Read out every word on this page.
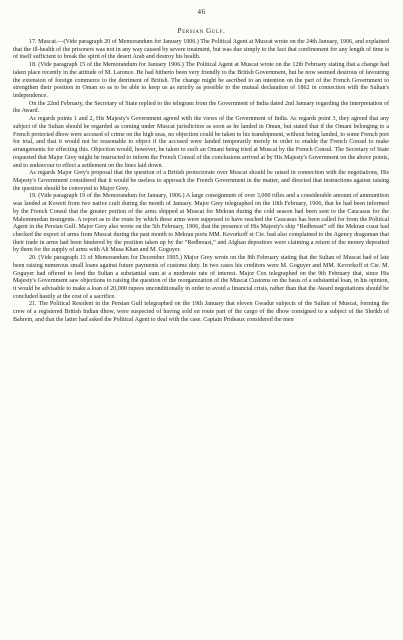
46
Persian Gulf.

17. Muscat.—(Vide paragraph 20 of Memorandum for January 1906.) The Political Agent at Muscat wrote on the 24th January, 1906, and explained that the ill-health of the prisoners was not in any way caused by severe treatment, but was due simply to the fact that confinement for any length of time is of itself sufficient to break the spirit of the desert Arab and destroy his health.

18. (Vide paragraph 15 of the Memorandum for January 1906.) The Political Agent at Muscat wrote on the 12th February stating that a change had taken place recently in the attitude of M. Laronce. He had hitherto been very friendly to the British Government, but he now seemed desirous of favouring the extension of foreign commerce to the detriment of British. The change might be ascribed to an intention on the part of the French Government to strengthen their position in Oman so as to be able to keep us as strictly as possible to the mutual declaration of 1862 in connection with the Sultan's independence.

On the 22nd February, the Secretary of State replied to the telegram from the Government of India dated 2nd January regarding the interpretation of the Award.

As regards points 1 and 2, His Majesty's Government agreed with the views of the Government of India. As regards point 3, they agreed that any subject of the Sultan should be regarded as coming under Muscat jurisdiction as soon as he landed in Oman, but stated that if the Omani belonging to a French protected dhow were accused of crime on the high seas, no objection could be taken to his transhipment, without being landed, to some French port for trial, and that it would not be reasonable to object if the accused were landed temporarily merely in order to enable the French Consul to make arrangements for effecting this. Objection would, however, be taken to such an Omani being tried at Muscat by the French Consul. The Secretary of State requested that Major Grey might be instructed to inform the French Consul of the conclusions arrived at by His Majesty's Government on the above points, and to endeavour to effect a settlement on the lines laid down.

As regards Major Grey's proposal that the question of a British protectorate over Muscat should be raised in connection with the negotiations, His Majesty's Government considered that it would be useless to approach the French Government in the matter, and directed that instructions against raising the question should be conveyed to Major Grey.

19. (Vide paragraph 19 of the Memorandum for January, 1906.) A large consignment of over 3,000 rifles and a considerable amount of ammunition was landed at Koweit from two native craft during the month of January. Major Grey telegraphed on the 10th February, 1906, that he had been informed by the French Consul that the greater portion of the arms shipped at Muscat for Mekran during the cold season had been sent to the Caucasus for the Mahommedan insurgents. A report as to the route by which these arms were supposed to have reached the Caucasus has been called for from the Political Agent in the Persian Gulf. Major Grey also wrote on the 5th February, 1906, that the presence of His Majesty's ship “Redbreast” off the Mekran coast had checked the export of arms from Muscat during the past month to Mekran ports MM. Kevorkoff et Cie. had also complained to the Agency dragoman that their trade in arms had been hindered by the position taken up by the “Redbreast,” and Afghan depositors were claiming a return of the money deposited by them for the supply of arms with Ali Musa Khan and M. Goguyer.

20. (Vide paragraph 13 of Memorandum for December 1905.) Major Grey wrote on the 8th February stating that the Sultan of Muscat had of late been raising numerous small loans against future payments of customs duty. In two cases his creditors were M. Goguyer and MM. Kevorkoff et Cie. M. Goguyer had offered to lend the Sultan a substantial sum at a moderate rate of interest. Major Cox telegraphed on the 9th February that, since His Majesty's Government saw objections to raising the question of the reorganization of the Muscat Customs on the basis of a substantial loan, in his opinion, it would be advisable to make a loan of 20,000 rupees unconditionally in order to avoid a financial crisis, rather than that the Award negotiations should be concluded hastily at the cost of a sacrifice.

21. The Political Resident in the Persian Gulf telegraphed on the 19th January that eleven Gwadur subjects of the Sultan of Muscat, forming the crew of a registered British Indian dhow, were suspected of having sold en route part of the cargo of the dhow consigned to a subject of the Sheikh of Bahrein, and that the latter had asked the Political Agent to deal with the case. Captain Prideaux considered the men
